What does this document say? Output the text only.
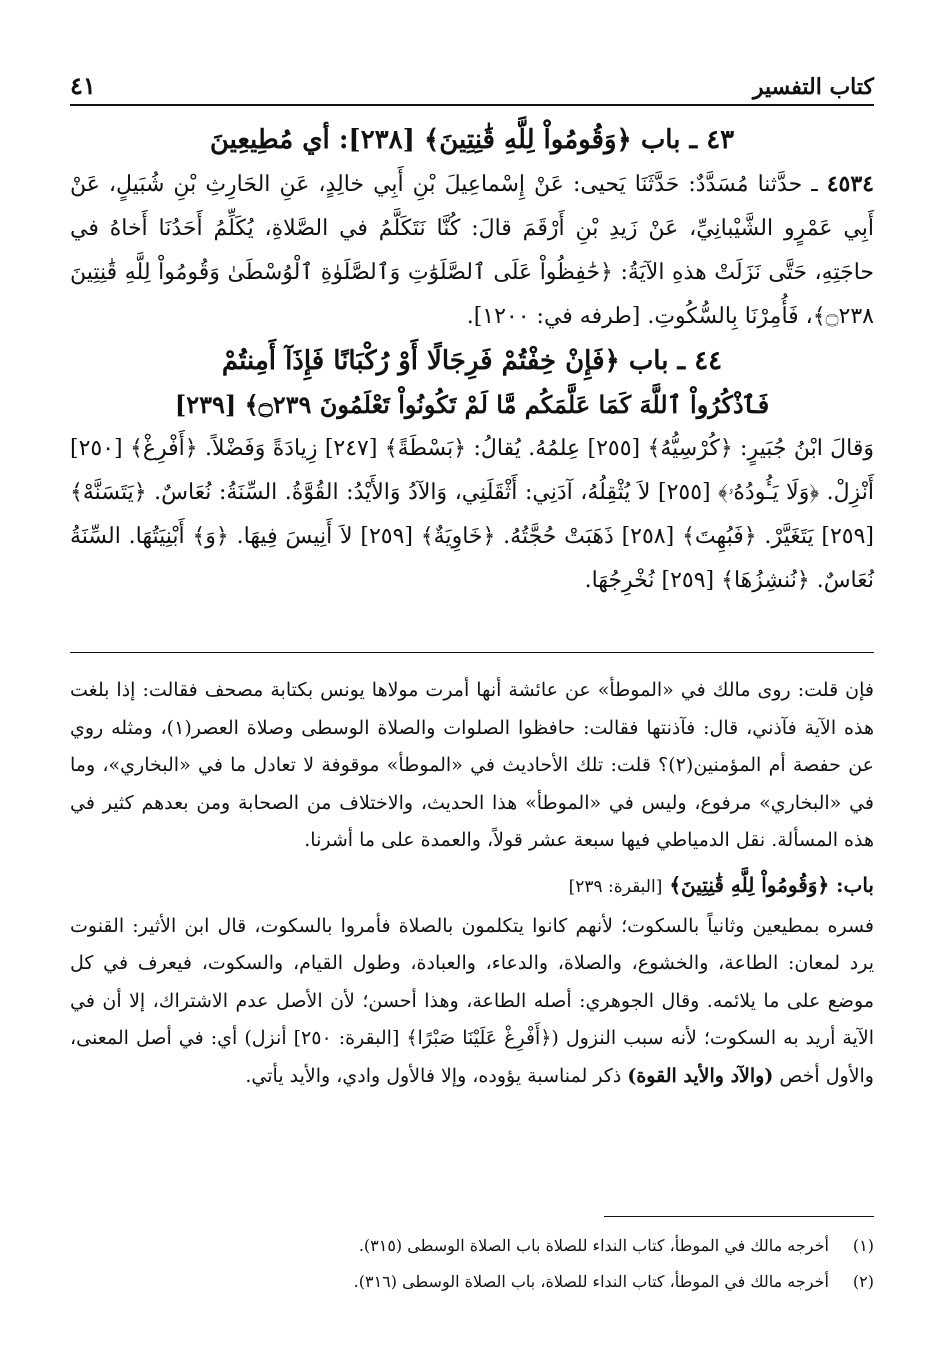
كتاب التفسير
٤١

٤٣ ـ باب ﴿وَقُومُواْ لِلَّهِ قَٰنِتِينَ﴾ [٢٣٨]: أي مُطِيعِينَ

٤٥٣٤ ـ حدَّثنا مُسَدَّدٌ: حَدَّثَنَا يَحيى: عَنْ إِسْماعِيلَ بْنِ أَبِي خالِدٍ، عَنِ الحَارِثِ بْنِ شُبَيلٍ، عَنْ أَبِي عَمْرٍو الشَّيْبانِيِّ، عَنْ زَيدِ بْنِ أَرْقَمَ قالَ: كُنَّا نَتَكَلَّمُ في الصَّلاةِ، يُكَلِّمُ أَحَدُنَا أَخاهُ في حاجَتِهِ، حَتَّى نَزَلَتْ هذهِ الآيَةُ: ﴿حَٰفِظُواْ عَلَى ٱلصَّلَوَٰتِ وَٱلصَّلَوٰةِ ٱلْوُسْطَىٰ وَقُومُواْ لِلَّهِ قَٰنِتِينَ ۝٢٣٨﴾، فَأُمِرْنَا بِالسُّكُوتِ. [طرفه في: ١٢٠٠].

٤٤ ـ باب ﴿فَإِنْ خِفْتُمْ فَرِجَالًا أَوْ رُكْبَانًا فَإِذَآ أَمِنتُمْ

فَٱذْكُرُواْ ٱللَّهَ كَمَا عَلَّمَكُم مَّا لَمْ تَكُونُواْ تَعْلَمُونَ ۝٢٣٩﴾ [٢٣٩]

وَقالَ ابْنُ جُبَيرٍ: ﴿كُرْسِيُّهُ﴾ [٢٥٥] عِلمُهُ. يُقالُ: ﴿بَسْطَةً﴾ [٢٤٧] زِيادَةً وَفَضْلاً. ﴿أَفْرِغْ﴾ [٢٥٠] أَنْزِلْ. ﴿وَلَا يَـُٔودُهُۥ﴾ [٢٥٥] لاَ يُثْقِلُهُ، آدَنِي: أَثْقَلَنِي، وَالآدُ وَالأَيْدُ: القُوَّةُ. السِّنَةُ: نُعَاسٌ. ﴿يَتَسَنَّهْ﴾ [٢٥٩] يَتَغَيَّرْ. ﴿فَبُهِتَ﴾ [٢٥٨] ذَهَبَتْ حُجَّتُهُ. ﴿خَاوِيَةٌ﴾ [٢٥٩] لاَ أَنِيسَ فِيهَا. ﴿وَ﴾ أَبْنِيَتُهَا. السِّنَةُ نُعَاسٌ. ﴿نُنشِزُهَا﴾ [٢٥٩] نُخْرِجُهَا.

فإن قلت: روى مالك في «الموطأ» عن عائشة أنها أمرت مولاها يونس بكتابة مصحف فقالت: إذا بلغت هذه الآية فآذني، قال: فآذنتها فقالت: حافظوا الصلوات والصلاة الوسطى وصلاة العصر(١)، ومثله روي عن حفصة أم المؤمنين(٢)؟ قلت: تلك الأحاديث في «الموطأ» موقوفة لا تعادل ما في «البخاري»، وما في «البخاري» مرفوع، وليس في «الموطأ» هذا الحديث، والاختلاف من الصحابة ومن بعدهم كثير في هذه المسألة. نقل الدمياطي فيها سبعة عشر قولاً، والعمدة على ما أشرنا.

باب: ﴿وَقُومُواْ لِلَّهِ قَٰنِتِينَ﴾ [البقرة: ٢٣٩]

فسره بمطيعين وثانياً بالسكوت؛ لأنهم كانوا يتكلمون بالصلاة فأمروا بالسكوت، قال ابن الأثير: القنوت يرد لمعان: الطاعة، والخشوع، والصلاة، والدعاء، والعبادة، وطول القيام، والسكوت، فيعرف في كل موضع على ما يلائمه. وقال الجوهري: أصله الطاعة، وهذا أحسن؛ لأن الأصل عدم الاشتراك، إلا أن في الآية أريد به السكوت؛ لأنه سبب النزول (﴿أَفْرِغْ عَلَيْنَا صَبْرًا﴾ [البقرة: ٢٥٠] أنزل) أي: في أصل المعنى، والأول أخص (والآد والأيد القوة) ذكر لمناسبة يؤوده، وإلا فالأول وادي، والأيد يأتي.

(١) أخرجه مالك في الموطأ، كتاب النداء للصلاة باب الصلاة الوسطى (٣١٥).

(٢) أخرجه مالك في الموطأ، كتاب النداء للصلاة، باب الصلاة الوسطى (٣١٦).
